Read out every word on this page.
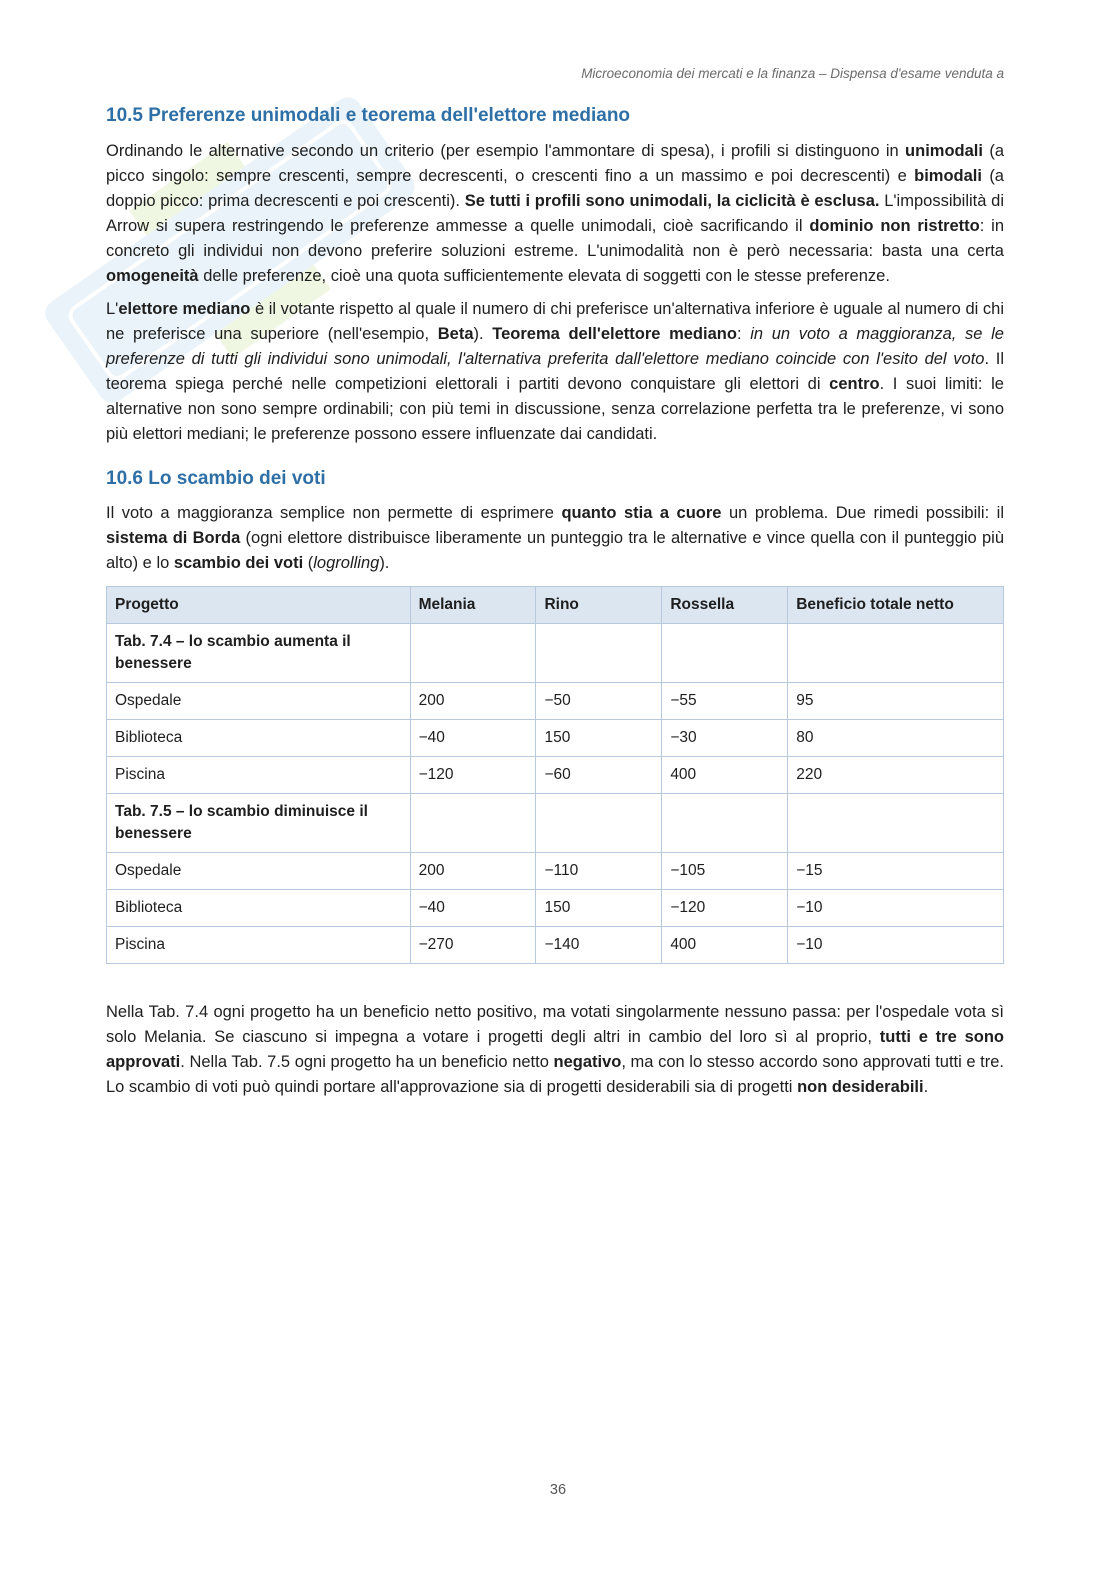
Microeconomia dei mercati e la finanza – Dispensa d'esame venduta a
10.5 Preferenze unimodali e teorema dell'elettore mediano

Ordinando le alternative secondo un criterio (per esempio l'ammontare di spesa), i profili si distinguono in unimodali (a picco singolo: sempre crescenti, sempre decrescenti, o crescenti fino a un massimo e poi decrescenti) e bimodali (a doppio picco: prima decrescenti e poi crescenti). Se tutti i profili sono unimodali, la ciclicità è esclusa. L'impossibilità di Arrow si supera restringendo le preferenze ammesse a quelle unimodali, cioè sacrificando il dominio non ristretto: in concreto gli individui non devono preferire soluzioni estreme. L'unimodalità non è però necessaria: basta una certa omogeneità delle preferenze, cioè una quota sufficientemente elevata di soggetti con le stesse preferenze.

L'elettore mediano è il votante rispetto al quale il numero di chi preferisce un'alternativa inferiore è uguale al numero di chi ne preferisce una superiore (nell'esempio, Beta). Teorema dell'elettore mediano: in un voto a maggioranza, se le preferenze di tutti gli individui sono unimodali, l'alternativa preferita dall'elettore mediano coincide con l'esito del voto. Il teorema spiega perché nelle competizioni elettorali i partiti devono conquistare gli elettori di centro. I suoi limiti: le alternative non sono sempre ordinabili; con più temi in discussione, senza correlazione perfetta tra le preferenze, vi sono più elettori mediani; le preferenze possono essere influenzate dai candidati.

10.6 Lo scambio dei voti

Il voto a maggioranza semplice non permette di esprimere quanto stia a cuore un problema. Due rimedi possibili: il sistema di Borda (ogni elettore distribuisce liberamente un punteggio tra le alternative e vince quella con il punteggio più alto) e lo scambio dei voti (logrolling).

Progetto	Melania	Rino	Rossella	Beneficio totale netto
Tab. 7.4 – lo scambio aumenta il benessere				
Ospedale	200	−50	−55	95
Biblioteca	−40	150	−30	80
Piscina	−120	−60	400	220
Tab. 7.5 – lo scambio diminuisce il benessere				
Ospedale	200	−110	−105	−15
Biblioteca	−40	150	−120	−10
Piscina	−270	−140	400	−10

Nella Tab. 7.4 ogni progetto ha un beneficio netto positivo, ma votati singolarmente nessuno passa: per l'ospedale vota sì solo Melania. Se ciascuno si impegna a votare i progetti degli altri in cambio del loro sì al proprio, tutti e tre sono approvati. Nella Tab. 7.5 ogni progetto ha un beneficio netto negativo, ma con lo stesso accordo sono approvati tutti e tre. Lo scambio di voti può quindi portare all'approvazione sia di progetti desiderabili sia di progetti non desiderabili.

36
